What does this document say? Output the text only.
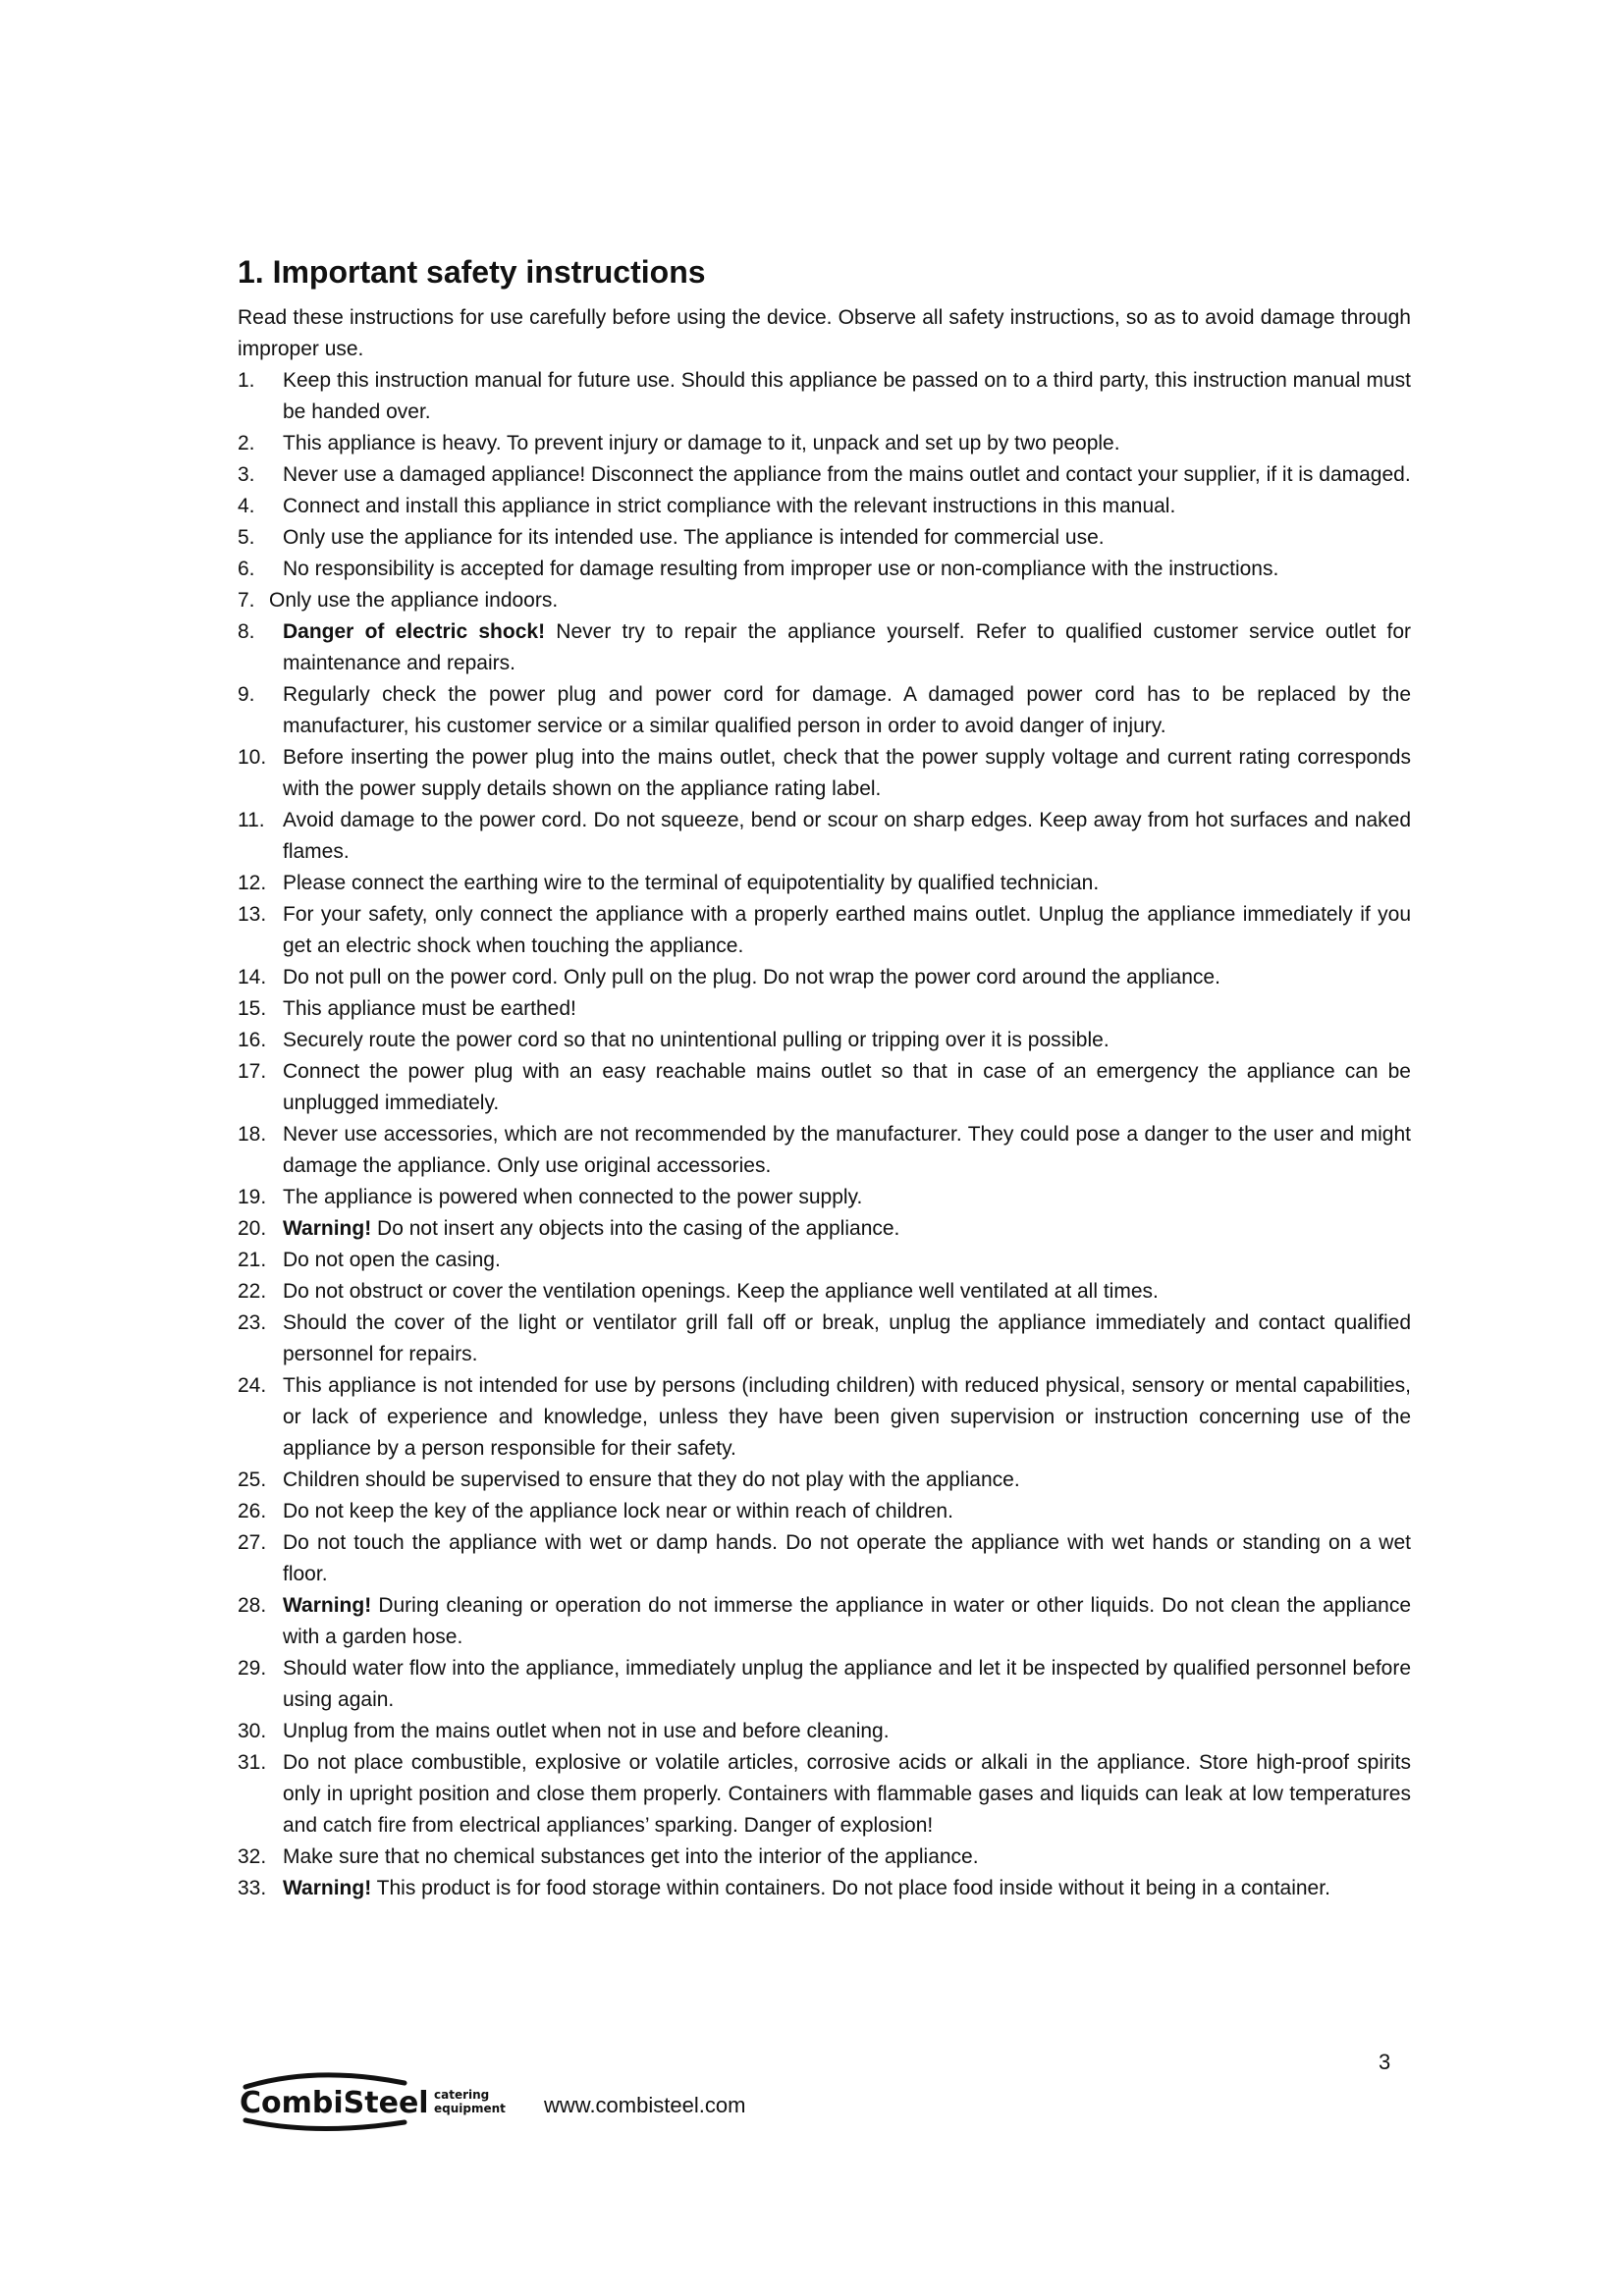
1. Important safety instructions

Read these instructions for use carefully before using the device. Observe all safety instructions, so as to avoid damage through improper use.

1.	Keep this instruction manual for future use. Should this appliance be passed on to a third party, this instruction manual must be handed over.
2.	This appliance is heavy. To prevent injury or damage to it, unpack and set up by two people.
3.	Never use a damaged appliance! Disconnect the appliance from the mains outlet and contact your supplier, if it is damaged.
4.	Connect and install this appliance in strict compliance with the relevant instructions in this manual.
5.	Only use the appliance for its intended use. The appliance is intended for commercial use.
6.	No responsibility is accepted for damage resulting from improper use or non-compliance with the instructions.
7. Only use the appliance indoors.
8.	Danger of electric shock! Never try to repair the appliance yourself. Refer to qualified customer service outlet for maintenance and repairs.
9.	Regularly check the power plug and power cord for damage. A damaged power cord has to be replaced by the manufacturer, his customer service or a similar qualified person in order to avoid danger of injury.
10. Before inserting the power plug into the mains outlet, check that the power supply voltage and current rating corresponds with the power supply details shown on the appliance rating label.
11. Avoid damage to the power cord. Do not squeeze, bend or scour on sharp edges. Keep away from hot surfaces and naked flames.
12. Please connect the earthing wire to the terminal of equipotentiality by qualified technician.
13. For your safety, only connect the appliance with a properly earthed mains outlet. Unplug the appliance immediately if you get an electric shock when touching the appliance.
14. Do not pull on the power cord. Only pull on the plug. Do not wrap the power cord around the appliance.
15. This appliance must be earthed!
16. Securely route the power cord so that no unintentional pulling or tripping over it is possible.
17. Connect the power plug with an easy reachable mains outlet so that in case of an emergency the appliance can be unplugged immediately.
18. Never use accessories, which are not recommended by the manufacturer. They could pose a danger to the user and might damage the appliance. Only use original accessories.
19. The appliance is powered when connected to the power supply.
20. Warning! Do not insert any objects into the casing of the appliance.
21. Do not open the casing.
22. Do not obstruct or cover the ventilation openings. Keep the appliance well ventilated at all times.
23. Should the cover of the light or ventilator grill fall off or break, unplug the appliance immediately and contact qualified personnel for repairs.
24. This appliance is not intended for use by persons (including children) with reduced physical, sensory or mental capabilities, or lack of experience and knowledge, unless they have been given supervision or instruction concerning use of the appliance by a person responsible for their safety.
25. Children should be supervised to ensure that they do not play with the appliance.
26. Do not keep the key of the appliance lock near or within reach of children.
27. Do not touch the appliance with wet or damp hands. Do not operate the appliance with wet hands or standing on a wet floor.
28. Warning! During cleaning or operation do not immerse the appliance in water or other liquids. Do not clean the appliance with a garden hose.
29. Should water flow into the appliance, immediately unplug the appliance and let it be inspected by qualified personnel before using again.
30. Unplug from the mains outlet when not in use and before cleaning.
31. Do not place combustible, explosive or volatile articles, corrosive acids or alkali in the appliance. Store high-proof spirits only in upright position and close them properly. Containers with flammable gases and liquids can leak at low temperatures and catch fire from electrical appliances’ sparking. Danger of explosion!
32. Make sure that no chemical substances get into the interior of the appliance.
33. Warning! This product is for food storage within containers. Do not place food inside without it being in a container.
3
CombiSteel catering
equipment www.combisteel.com
